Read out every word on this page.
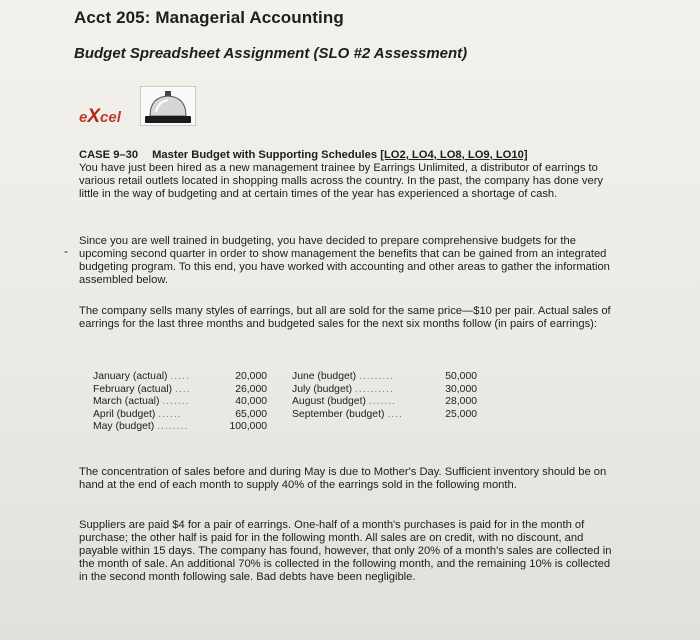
Acct 205: Managerial Accounting
Budget Spreadsheet Assignment (SLO #2 Assessment)
eXcel
CASE 9–30 Master Budget with Supporting Schedules [LO2, LO4, LO8, LO9, LO10]
You have just been hired as a new management trainee by Earrings Unlimited, a distributor of earrings to various retail outlets located in shopping malls across the country. In the past, the company has done very little in the way of budgeting and at certain times of the year has experienced a shortage of cash.
-
Since you are well trained in budgeting, you have decided to prepare comprehensive budgets for the upcoming second quarter in order to show management the benefits that can be gained from an integrated budgeting program. To this end, you have worked with accounting and other areas to gather the information assembled below.
The company sells many styles of earrings, but all are sold for the same price—$10 per pair. Actual sales of earrings for the last three months and budgeted sales for the next six months follow (in pairs of earrings):
January (actual) .....
February (actual) ....
March (actual) .......
April (budget) ......
May (budget) ........
20,000
26,000
40,000
65,000
100,000
June (budget) .........
July (budget) ..........
August (budget) .......
September (budget) ....
50,000
30,000
28,000
25,000
The concentration of sales before and during May is due to Mother's Day. Sufficient inventory should be on hand at the end of each month to supply 40% of the earrings sold in the following month.
Suppliers are paid $4 for a pair of earrings. One-half of a month's purchases is paid for in the month of purchase; the other half is paid for in the following month. All sales are on credit, with no discount, and payable within 15 days. The company has found, however, that only 20% of a month's sales are collected in the month of sale. An additional 70% is collected in the following month, and the remaining 10% is collected in the second month following sale. Bad debts have been negligible.
